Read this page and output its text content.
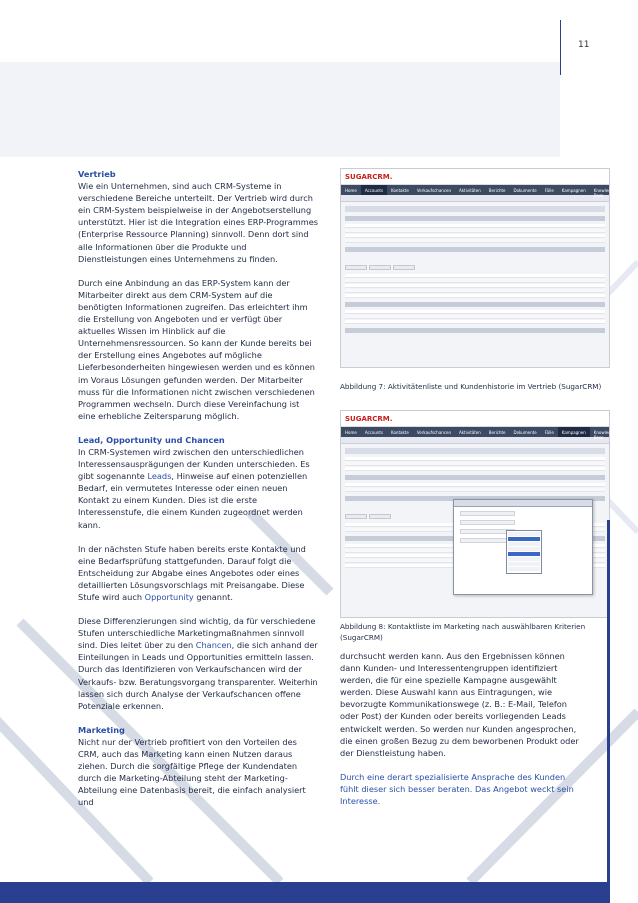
11
Vertrieb

Wie ein Unternehmen, sind auch CRM-Systeme in verschiedene Bereiche unterteilt. Der Vertrieb wird durch ein CRM-System beispielweise in der Angebotserstellung unterstützt. Hier ist die Integration eines ERP-Programmes (Enterprise Ressource Planning) sinnvoll. Denn dort sind alle Informationen über die Produkte und Dienstleistungen eines Unternehmens zu finden.

Durch eine Anbindung an das ERP-System kann der Mitarbeiter direkt aus dem CRM-System auf die benötigten Informationen zugreifen. Das erleichtert ihm die Erstellung von Angeboten und er verfügt über aktuelles Wissen im Hinblick auf die Unternehmensressourcen. So kann der Kunde bereits bei der Erstellung eines Angebotes auf mögliche Lieferbesonderheiten hingewiesen werden und es können im Voraus Lösungen gefunden werden. Der Mitarbeiter muss für die Informationen nicht zwischen verschiedenen Programmen wechseln. Durch diese Vereinfachung ist eine erhebliche Zeitersparung möglich.

Lead, Opportunity und Chancen

In CRM-Systemen wird zwischen den unterschiedlichen Interessensausprägungen der Kunden unterschieden. Es gibt sogenannte Leads, Hinweise auf einen potenziellen Bedarf, ein vermutetes Interesse oder einen neuen Kontakt zu einem Kunden. Dies ist die erste Interessenstufe, die einem Kunden zugeordnet werden kann.

In der nächsten Stufe haben bereits erste Kontakte und eine Bedarfsprüfung stattgefunden. Darauf folgt die Entscheidung zur Abgabe eines Angebotes oder eines detaillierten Lösungsvorschlags mit Preisangabe. Diese Stufe wird auch Opportunity genannt.

Diese Differenzierungen sind wichtig, da für verschiedene Stufen unterschiedliche Marketingmaßnahmen sinnvoll sind. Dies leitet über zu den Chancen, die sich anhand der Einteilungen in Leads und Opportunities ermitteln lassen. Durch das Identifizieren von Verkaufschancen wird der Verkaufs- bzw. Beratungsvorgang transparenter. Weiterhin lassen sich durch Analyse der Verkaufschancen offene Potenziale erkennen.

Marketing

Nicht nur der Vertrieb profitiert von den Vorteilen des CRM, auch das Marketing kann einen Nutzen daraus ziehen. Durch die sorgfältige Pflege der Kundendaten durch die Marketing-Abteilung steht der Marketing-Abteilung eine Datenbasis bereit, die einfach analysiert und

SUGARCRM.
Home	Accounts	Kontakte	Verkaufschancen	Aktivitäten	Berichte	Dokumente	Fälle	Kampagnen	Knowledge Base
Abbildung 7: Aktivitätenliste und Kundenhistorie im Vertrieb (SugarCRM)
SUGARCRM.
Home	Accounts	Kontakte	Verkaufschancen	Aktivitäten	Berichte	Dokumente	Fälle	Kampagnen	Knowledge Base
Abbildung 8: Kontaktliste im Marketing nach auswählbaren Kriterien (SugarCRM)

durchsucht werden kann. Aus den Ergebnissen können dann Kunden- und Interessentengruppen identifiziert werden, die für eine spezielle Kampagne ausgewählt werden. Diese Auswahl kann aus Eintragungen, wie bevorzugte Kommunikationswege (z. B.: E-Mail, Telefon oder Post) der Kunden oder bereits vorliegenden Leads entwickelt werden. So werden nur Kunden angesprochen, die einen großen Bezug zu dem beworbenen Produkt oder der Dienstleistung haben.

Durch eine derart spezialisierte Ansprache des Kunden fühlt dieser sich besser beraten. Das Angebot weckt sein Interesse.
